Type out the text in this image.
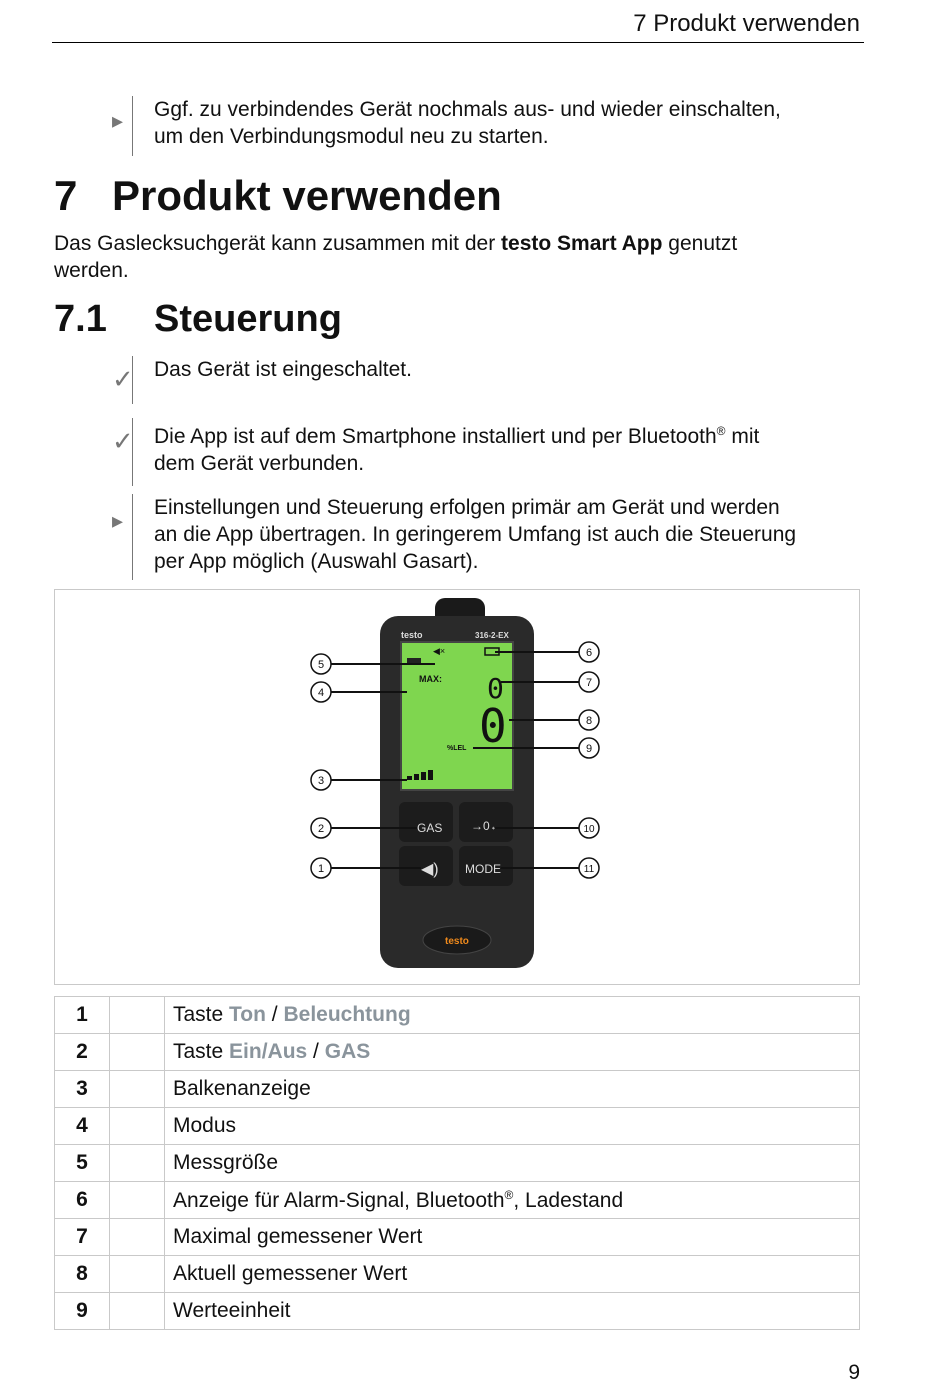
7 Produkt verwenden
▸ Ggf. zu verbindendes Gerät nochmals aus- und wieder einschalten,
um den Verbindungsmodul neu zu starten.
7 Produkt verwenden
Das Gaslecksuchgerät kann zusammen mit der testo Smart App genutzt
werden.
7.1 Steuerung
✓ Das Gerät ist eingeschaltet.
✓ Die App ist auf dem Smartphone installiert und per Bluetooth® mit
dem Gerät verbunden.
▸
Einstellungen und Steuerung erfolgen primär am Gerät und werden
an die App übertragen. In geringerem Umfang ist auch die Steuerung
per App möglich (Auswahl Gasart).
testo	316-2-EX
◀×
MAX: 0
0
%LEL
GAS →0←
◀) MODE
testo
1
2
3
4
5
6
7
8
9
10
11
1		Taste Ton / Beleuchtung
2		Taste Ein/Aus / GAS
3		Balkenanzeige
4		Modus
5		Messgröße
6		Anzeige für Alarm-Signal, Bluetooth®, Ladestand
7		Maximal gemessener Wert
8		Aktuell gemessener Wert
9		Werteeinheit
9
